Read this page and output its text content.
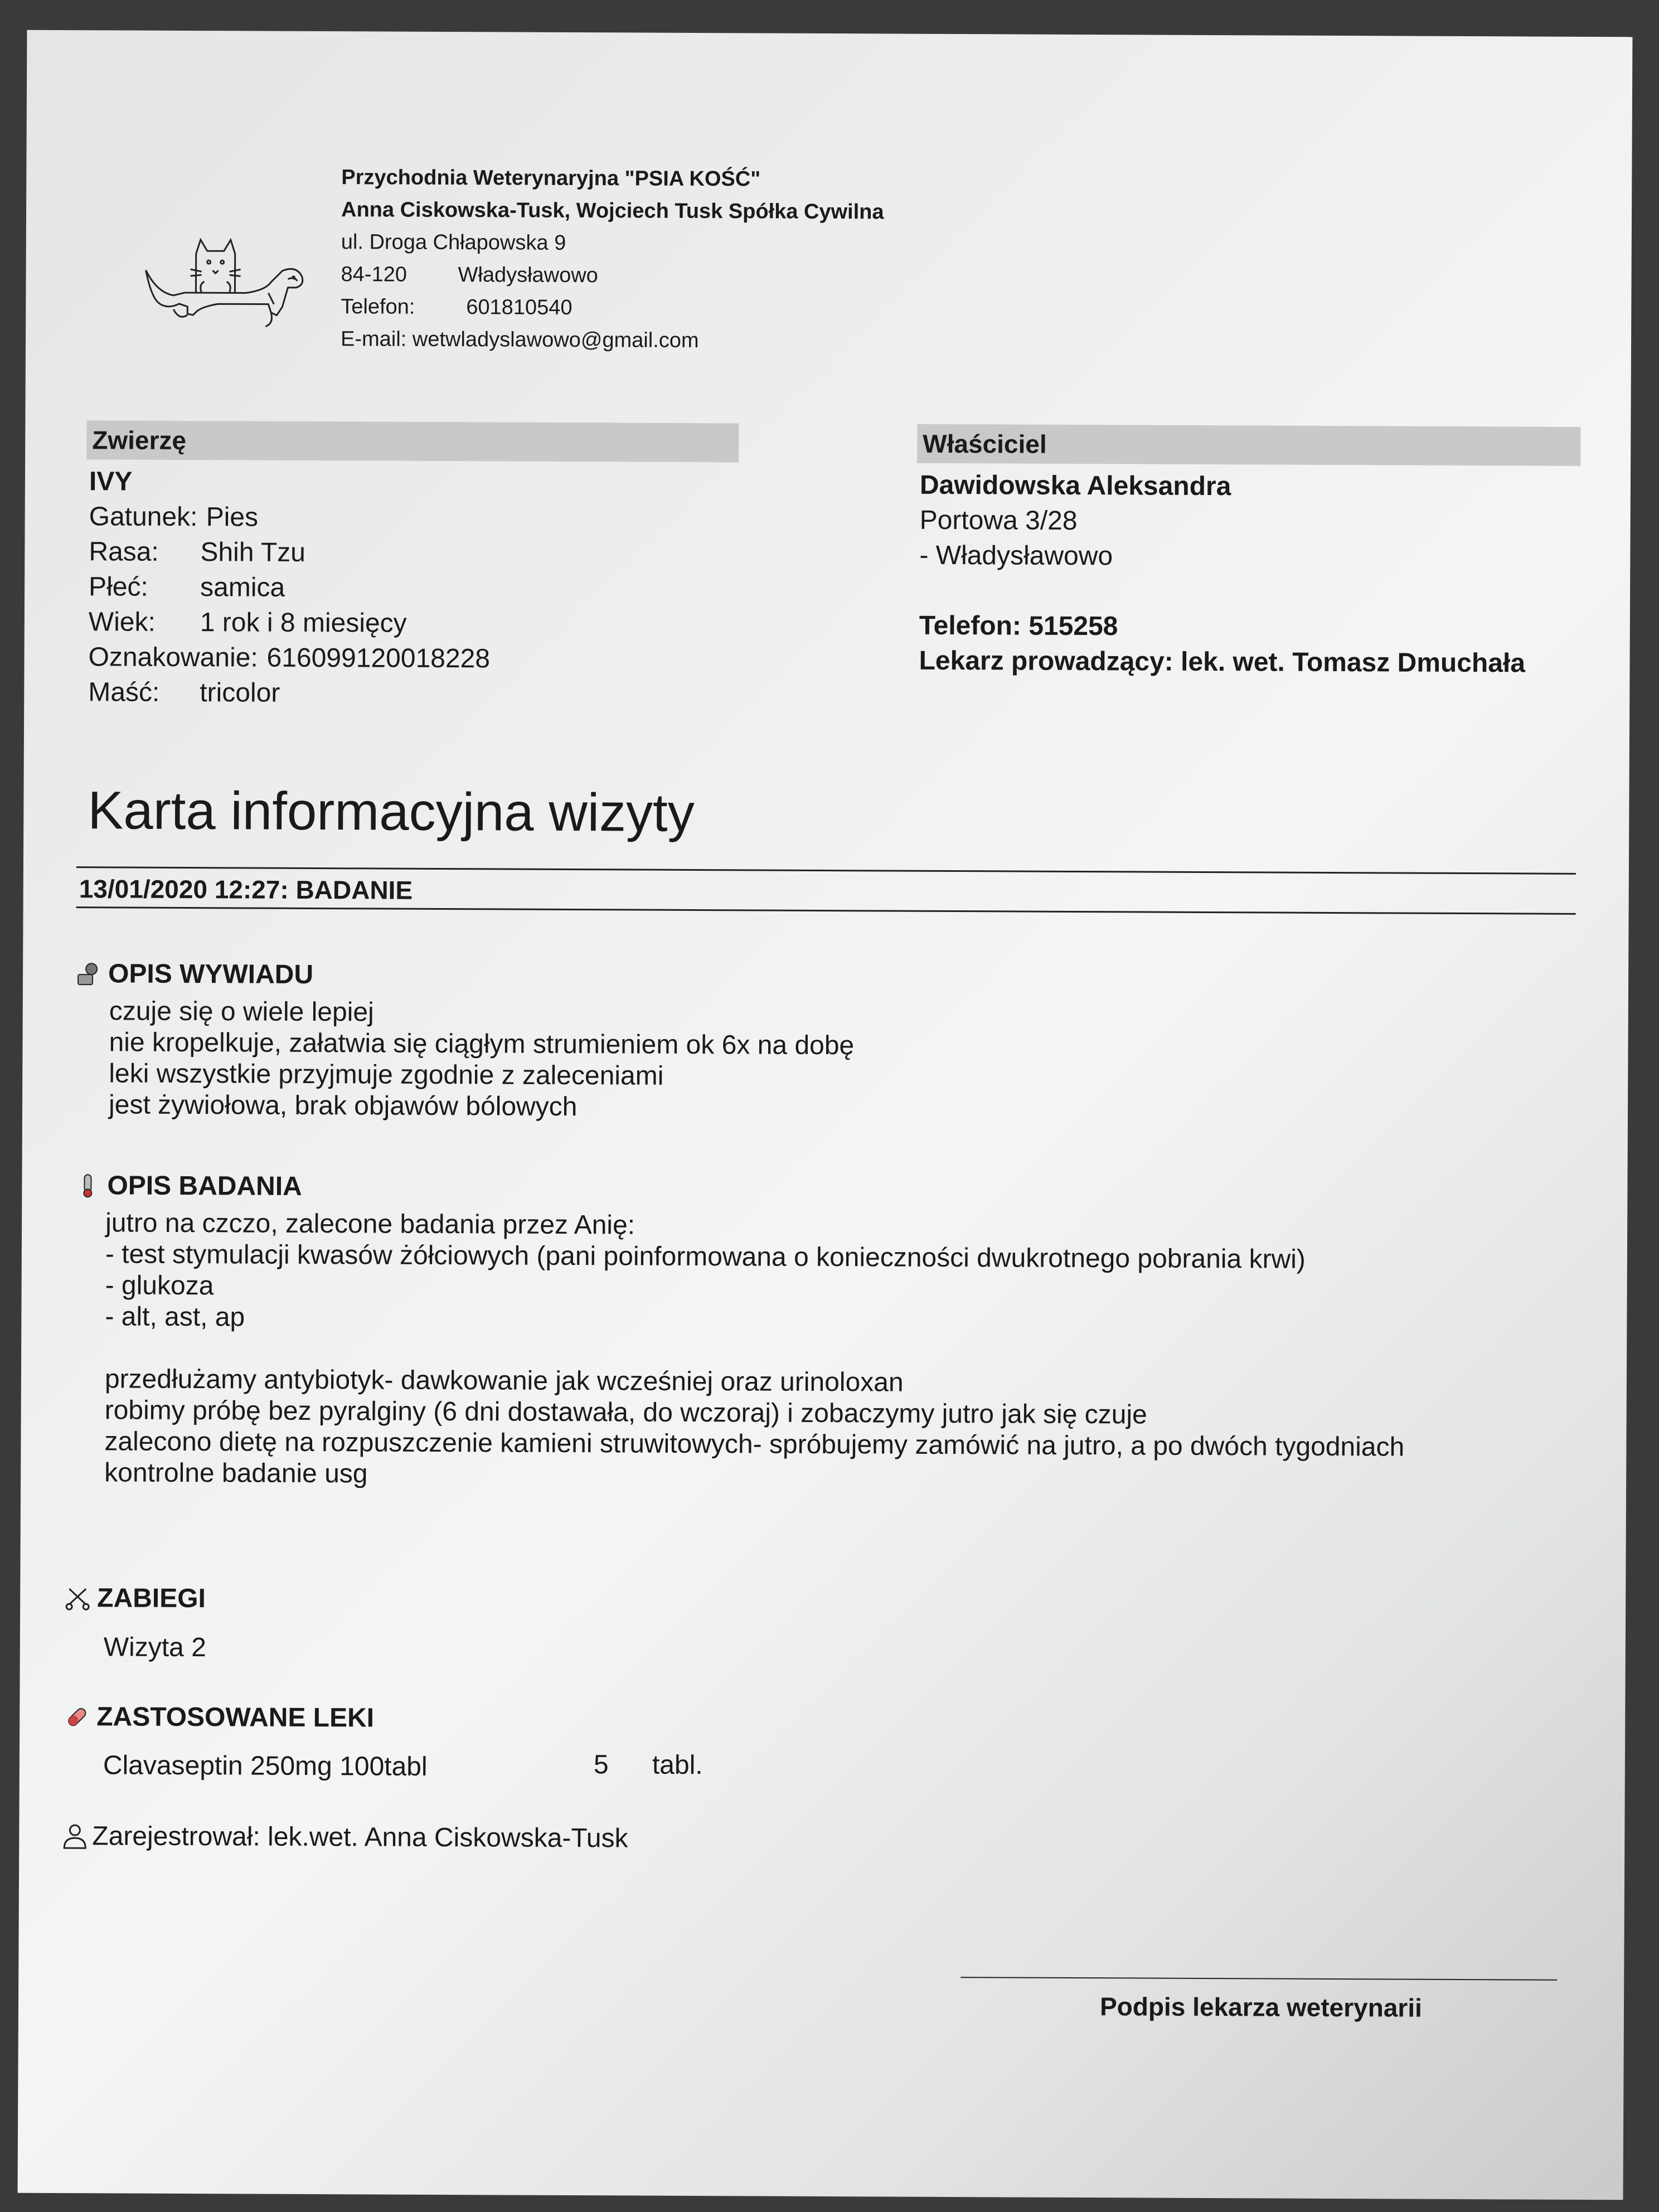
Przychodnia Weterynaryjna "PSIA KOŚĆ"
Anna Ciskowska-Tusk, Wojciech Tusk Spółka Cywilna
ul. Droga Chłapowska 9
84-120 Władysławowo
Telefon: 601810540
E-mail: wetwladyslawowo@gmail.com
Zwierzę
IVY
Gatunek: Pies
Rasa: Shih Tzu
Płeć: samica
Wiek: 1 rok i 8 miesięcy
Oznakowanie: 616099120018228
Maść: tricolor
Właściciel
Dawidowska Aleksandra
Portowa 3/28
- Władysławowo
Telefon: 515258
Lekarz prowadzący: lek. wet. Tomasz Dmuchała
Karta informacyjna wizyty
13/01/2020 12:27: BADANIE
OPIS WYWIADU
czuje się o wiele lepiej
nie kropelkuje, załatwia się ciągłym strumieniem ok 6x na dobę
leki wszystkie przyjmuje zgodnie z zaleceniami
jest żywiołowa, brak objawów bólowych
OPIS BADANIA
jutro na czczo, zalecone badania przez Anię:
- test stymulacji kwasów żółciowych (pani poinformowana o konieczności dwukrotnego pobrania krwi)
- glukoza
- alt, ast, ap
przedłużamy antybiotyk- dawkowanie jak wcześniej oraz urinoloxan
robimy próbę bez pyralginy (6 dni dostawała, do wczoraj) i zobaczymy jutro jak się czuje
zalecono dietę na rozpuszczenie kamieni struwitowych- spróbujemy zamówić na jutro, a po dwóch tygodniach
kontrolne badanie usg
ZABIEGI
Wizyta 2
ZASTOSOWANE LEKI
Clavaseptin 250mg 100tabl	5 tabl.
Zarejestrował: lek.wet. Anna Ciskowska-Tusk
Podpis lekarza weterynarii
